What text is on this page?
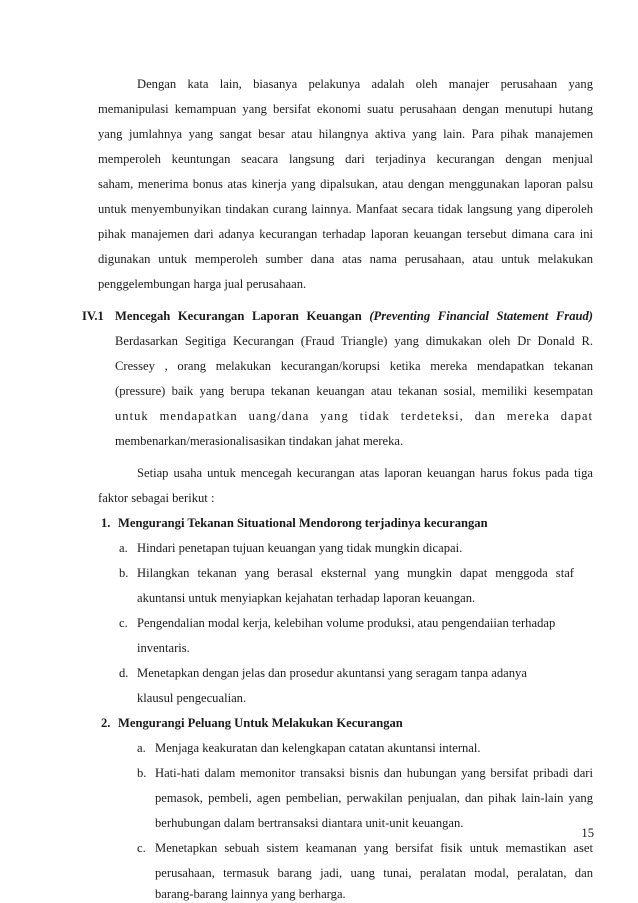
Dengan kata lain, biasanya pelakunya adalah oleh manajer perusahaan yang
memanipulasi kemampuan yang bersifat ekonomi suatu perusahaan dengan menutupi hutang
yang jumlahnya yang sangat besar atau hilangnya aktiva yang lain. Para pihak manajemen
memperoleh keuntungan seacara langsung dari terjadinya kecurangan dengan menjual
saham, menerima bonus atas kinerja yang dipalsukan, atau dengan menggunakan laporan palsu
untuk menyembunyikan tindakan curang lainnya. Manfaat secara tidak langsung yang diperoleh
pihak manajemen dari adanya kecurangan terhadap laporan keuangan tersebut dimana cara ini
digunakan untuk memperoleh sumber dana atas nama perusahaan, atau untuk melakukan
penggelembungan harga jual perusahaan.
IV.1 Mencegah Kecurangan Laporan Keuangan (Preventing Financial Statement Fraud)
Berdasarkan Segitiga Kecurangan (Fraud Triangle) yang dimukakan oleh Dr Donald R.
Cressey , orang melakukan kecurangan/korupsi ketika mereka mendapatkan tekanan
(pressure) baik yang berupa tekanan keuangan atau tekanan sosial, memiliki kesempatan
untuk mendapatkan uang/dana yang tidak terdeteksi, dan mereka dapat
membenarkan/merasionalisasikan tindakan jahat mereka.
Setiap usaha untuk mencegah kecurangan atas laporan keuangan harus fokus pada tiga
faktor sebagai berikut :
1. Mengurangi Tekanan Situational Mendorong terjadinya kecurangan
a. Hindari penetapan tujuan keuangan yang tidak mungkin dicapai.
b. Hilangkan tekanan yang berasal eksternal yang mungkin dapat menggoda staf
akuntansi untuk menyiapkan kejahatan terhadap laporan keuangan.
c. Pengendalian modal kerja, kelebihan volume produksi, atau pengendaiian terhadap
inventaris.
d. Menetapkan dengan jelas dan prosedur akuntansi yang seragam tanpa adanya
klausul pengecualian.
2. Mengurangi Peluang Untuk Melakukan Kecurangan
a. Menjaga keakuratan dan kelengkapan catatan akuntansi internal.
b. Hati-hati dalam memonitor transaksi bisnis dan hubungan yang bersifat pribadi dari
pemasok, pembeli, agen pembelian, perwakilan penjualan, dan pihak lain-lain yang
berhubungan dalam bertransaksi diantara unit-unit keuangan.
c. Menetapkan sebuah sistem keamanan yang bersifat fisik untuk memastikan aset
perusahaan, termasuk barang jadi, uang tunai, peralatan modal, peralatan, dan
barang-barang lainnya yang berharga.
15
